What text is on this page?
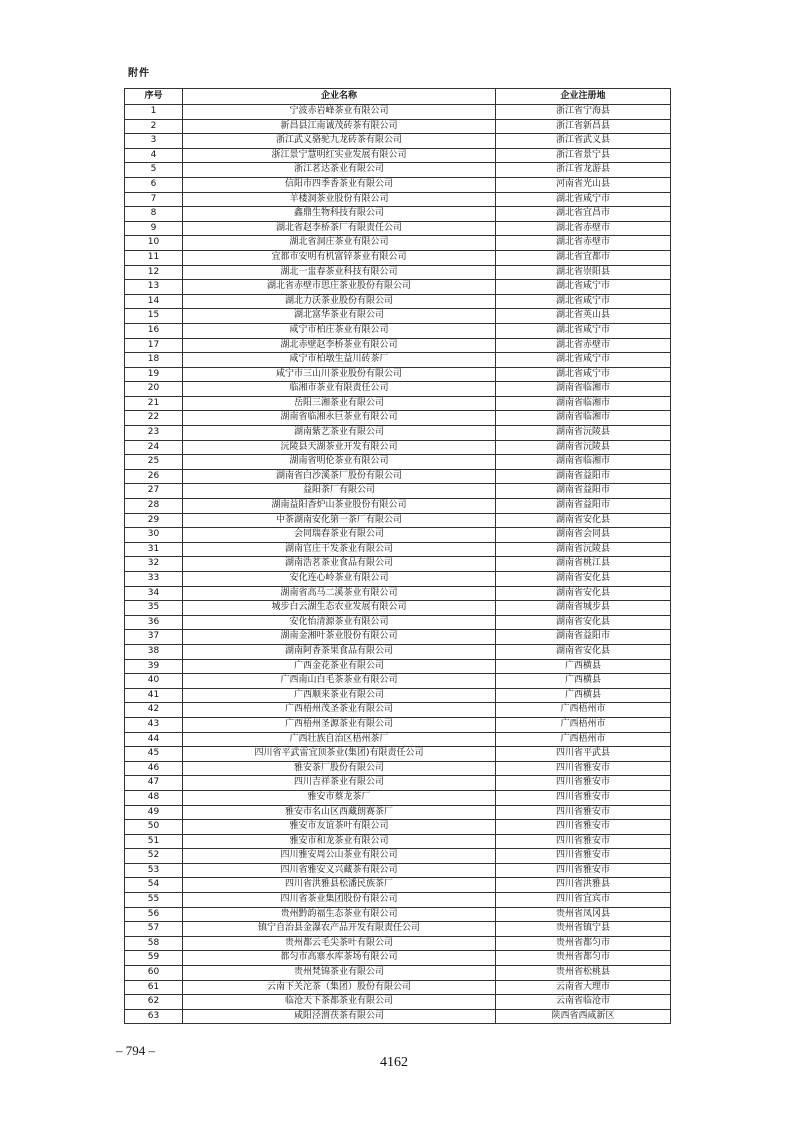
附件
序号	企业名称	企业注册地
1	宁波赤岩峰茶业有限公司	浙江省宁海县
2	新昌县江南诚茂砖茶有限公司	浙江省新昌县
3	浙江武义骆驼九龙砖茶有限公司	浙江省武义县
4	浙江景宁慧明红实业发展有限公司	浙江省景宁县
5	浙江茗达茶业有限公司	浙江省龙游县
6	信阳市四季香茶业有限公司	河南省光山县
7	羊楼洞茶业股份有限公司	湖北省咸宁市
8	鑫鼎生物科技有限公司	湖北省宜昌市
9	湖北省赵李桥茶厂有限责任公司	湖北省赤壁市
10	湖北省洞庄茶业有限公司	湖北省赤壁市
11	宜都市安明有机富锌茶业有限公司	湖北省宜都市
12	湖北一盅春茶业科技有限公司	湖北省崇阳县
13	湖北省赤壁市思庄茶业股份有限公司	湖北省咸宁市
14	湖北力沃茶业股份有限公司	湖北省咸宁市
15	湖北富华茶业有限公司	湖北省英山县
16	咸宁市柏庄茶业有限公司	湖北省咸宁市
17	湖北赤壁赵李桥茶业有限公司	湖北省赤壁市
18	咸宁市柏墩生益川砖茶厂	湖北省咸宁市
19	咸宁市三山川茶业股份有限公司	湖北省咸宁市
20	临湘市茶业有限责任公司	湖南省临湘市
21	岳阳三湘茶业有限公司	湖南省临湘市
22	湖南省临湘永巨茶业有限公司	湖南省临湘市
23	湖南紫艺茶业有限公司	湖南省沅陵县
24	沅陵县天湖茶业开发有限公司	湖南省沅陵县
25	湖南省明伦茶业有限公司	湖南省临湘市
26	湖南省白沙溪茶厂股份有限公司	湖南省益阳市
27	益阳茶厂有限公司	湖南省益阳市
28	湖南益阳香炉山茶业股份有限公司	湖南省益阳市
29	中茶湖南安化第一茶厂有限公司	湖南省安化县
30	会同瑞春茶业有限公司	湖南省会同县
31	湖南官庄干发茶业有限公司	湖南省沅陵县
32	湖南浩茗茶业食品有限公司	湖南省桃江县
33	安化连心岭茶业有限公司	湖南省安化县
34	湖南省高马二溪茶业有限公司	湖南省安化县
35	城步白云湖生态农业发展有限公司	湖南省城步县
36	安化怡清源茶业有限公司	湖南省安化县
37	湖南金湘叶茶业股份有限公司	湖南省益阳市
38	湖南阿香茶果食品有限公司	湖南省安化县
39	广西金花茶业有限公司	广西横县
40	广西南山白毛茶茶业有限公司	广西横县
41	广西顺来茶业有限公司	广西横县
42	广西梧州茂圣茶业有限公司	广西梧州市
43	广西梧州圣源茶业有限公司	广西梧州市
44	广西壮族自治区梧州茶厂	广西梧州市
45	四川省平武雷宜顶茶业(集团)有限责任公司	四川省平武县
46	雅安茶厂股份有限公司	四川省雅安市
47	四川吉祥茶业有限公司	四川省雅安市
48	雅安市蔡龙茶厂	四川省雅安市
49	雅安市名山区西藏朗赛茶厂	四川省雅安市
50	雅安市友谊茶叶有限公司	四川省雅安市
51	雅安市和龙茶业有限公司	四川省雅安市
52	四川雅安周公山茶业有限公司	四川省雅安市
53	四川省雅安义兴藏茶有限公司	四川省雅安市
54	四川省洪雅县松潘民族茶厂	四川省洪雅县
55	四川省茶业集团股份有限公司	四川省宜宾市
56	贵州黔韵福生态茶业有限公司	贵州省凤冈县
57	镇宁自治县金瀑农产品开发有限责任公司	贵州省镇宁县
58	贵州都云毛尖茶叶有限公司	贵州省都匀市
59	都匀市高寨水库茶场有限公司	贵州省都匀市
60	贵州梵锦茶业有限公司	贵州省松桃县
61	云南下关沱茶（集团）股份有限公司	云南省大理市
62	临沧天下茶都茶业有限公司	云南省临沧市
63	咸阳泾渭茯茶有限公司	陕西省西咸新区
– 794 –
4162
